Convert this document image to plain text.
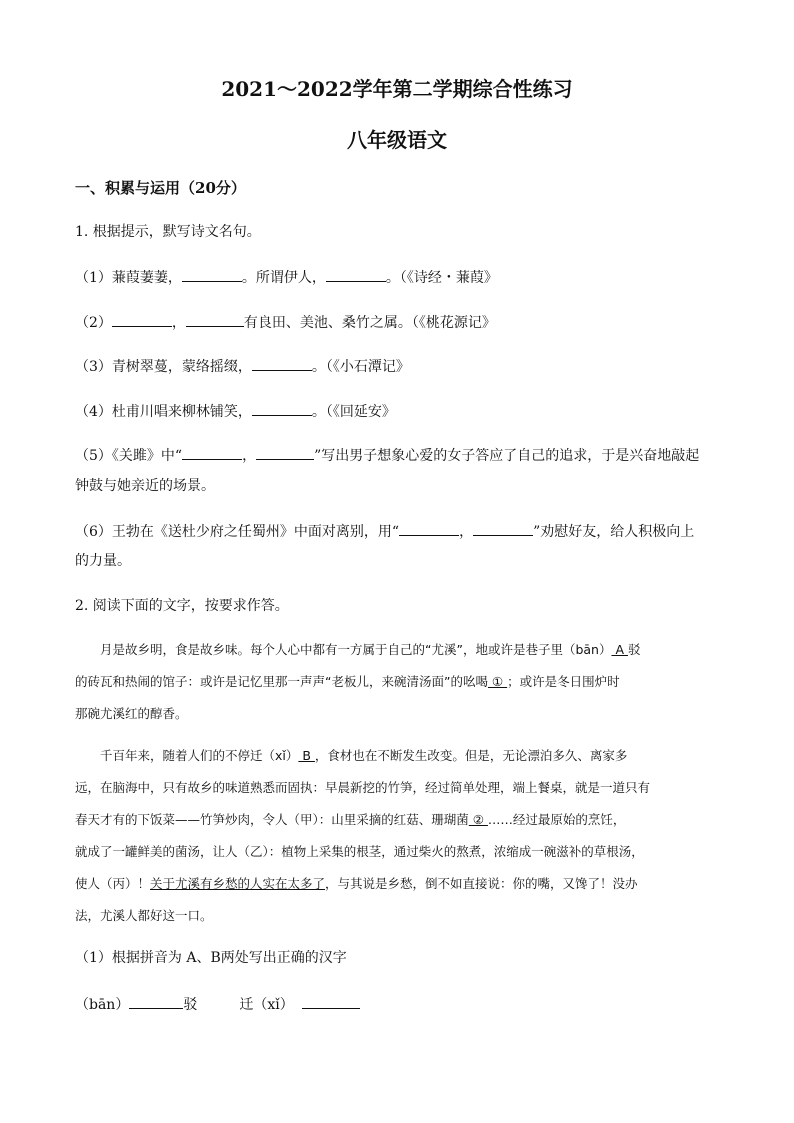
2021～2022学年第二学期综合性练习
八年级语文
一、积累与运用（20分）
1. 根据提示，默写诗文名句。
（1）蒹葭萋萋，	。所谓伊人，	。（《诗经・蒹葭》
（2）	，	有良田、美池、桑竹之属。（《桃花源记》
（3）青树翠蔓，蒙络摇缀，	。（《小石潭记》
（4）杜甫川唱来柳林铺笑，	。（《回延安》
（5）《关雎》中“	，	”写出男子想象心爱的女子答应了自己的追求，于是兴奋地敲起
钟鼓与她亲近的场景。
（6）王勃在《送杜少府之任蜀州》中面对离别，用“	，	”劝慰好友，给人积极向上
的力量。
2. 阅读下面的文字，按要求作答。
月是故乡明，食是故乡味。每个人心中都有一方属于自己的“尤溪”，地或许是巷子里（bān） A 驳
的砖瓦和热闹的馆子：或许是记忆里那一声声“老板儿，来碗清汤面”的吆喝 ① ；或许是冬日围炉时
那碗尤溪红的醇香。
千百年来，随着人们的不停迁（xǐ） B ，食材也在不断发生改变。但是，无论漂泊多久、离家多
远，在脑海中，只有故乡的味道熟悉而固执：早晨新挖的竹笋，经过简单处理，端上餐桌，就是一道只有
春天才有的下饭菜——竹笋炒肉，令人（甲）：山里采摘的红菇、珊瑚菌 ② ……经过最原始的烹饪，
就成了一罐鲜美的菌汤，让人（乙）：植物上采集的根茎，通过柴火的熬煮，浓缩成一碗滋补的草根汤，
使人（丙）！关于尤溪有乡愁的人实在太多了，与其说是乡愁，倒不如直接说：你的嘴，又馋了！没办
法，尤溪人都好这一口。
（1）根据拼音为 A、B两处写出正确的汉字
（bān）	驳	迁（xǐ）
